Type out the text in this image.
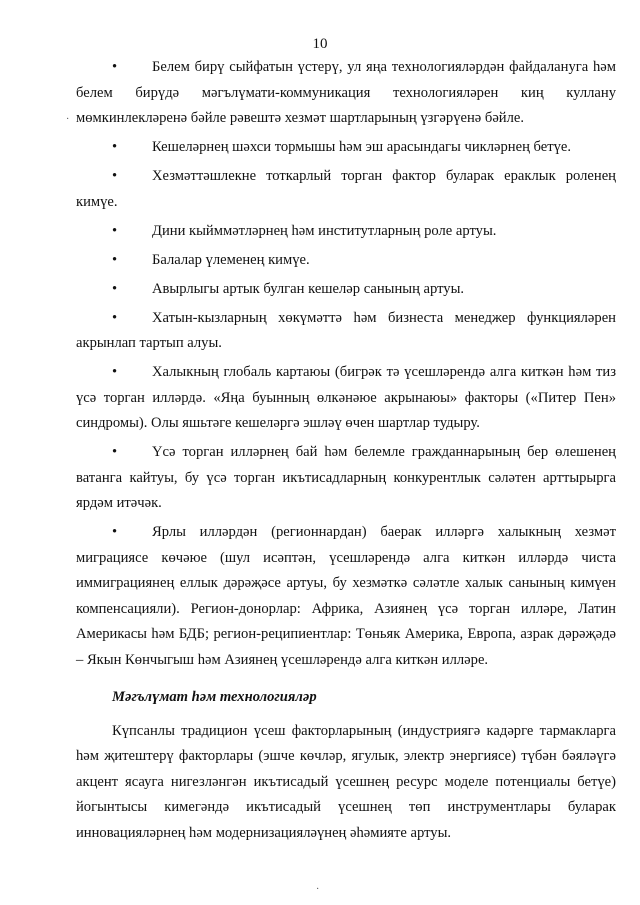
10

• Белем бирү сыйфатын үстерү, ул яңа технологияләрдән файдалануга һәм белем бирүдә мәгълүмати-коммуникация технологияләрен киң куллану мөмкинлекләренә бәйле рәвештә хезмәт шартларының үзгәрүенә бәйле.

• Кешеләрнең шәхси тормышы һәм эш арасындагы чикләрнең бетүе.

• Хезмәттәшлекне тоткарлый торган фактор буларак ераклык роленең кимүе.

• Дини кыйммәтләрнең һәм институтларның роле артуы.

• Балалар үлеменең кимүе.

• Авырлыгы артык булган кешеләр санының артуы.

• Хатын-кызларның хөкүмәттә һәм бизнеста менеджер функцияләрен акрынлап тартып алуы.

• Халыкның глобаль картаюы (бигрәк тә үсешләрендә алга киткән һәм тиз үсә торган илләрдә. «Яңа буынның өлкәнәюе акрынаюы» факторы («Питер Пен» синдромы). Олы яшьтәге кешеләргә эшләү өчен шартлар тудыру.

• Үсә торган илләрнең бай һәм белемле гражданнарының бер өлешенең ватанга кайтуы, бу үсә торган икътисадларның конкурентлык сәләтен арттырырга ярдәм итәчәк.

• Ярлы илләрдән (регионнардан) баерак илләргә халыкның хезмәт миграциясе көчәюе (шул исәптән, үсешләрендә алга киткән илләрдә чиста иммиграциянең еллык дәрәҗәсе артуы, бу хезмәткә сәләтле халык санының кимүен компенсацияли). Регион-донорлар: Африка, Азиянең үсә торган илләре, Латин Америкасы һәм БДБ; регион-реципиентлар: Төньяк Америка, Европа, азрак дәрәҗәдә – Якын Көнчыгыш һәм Азиянең үсешләрендә алга киткән илләре.

Мәгълүмат һәм технологияләр

Күпсанлы традицион үсеш факторларының (индустриягә кадәрге тармакларга һәм җитештерү факторлары (эшче көчләр, ягулык, электр энергиясе) түбән бәяләүгә акцент ясауга нигезләнгән икътисадый үсешнең ресурс моделе потенциалы бетүе) йогынтысы кимегәндә икътисадый үсешнең төп инструментлары буларак инновацияләрнең һәм модернизацияләүнең әһәмияте артуы.

·
·
